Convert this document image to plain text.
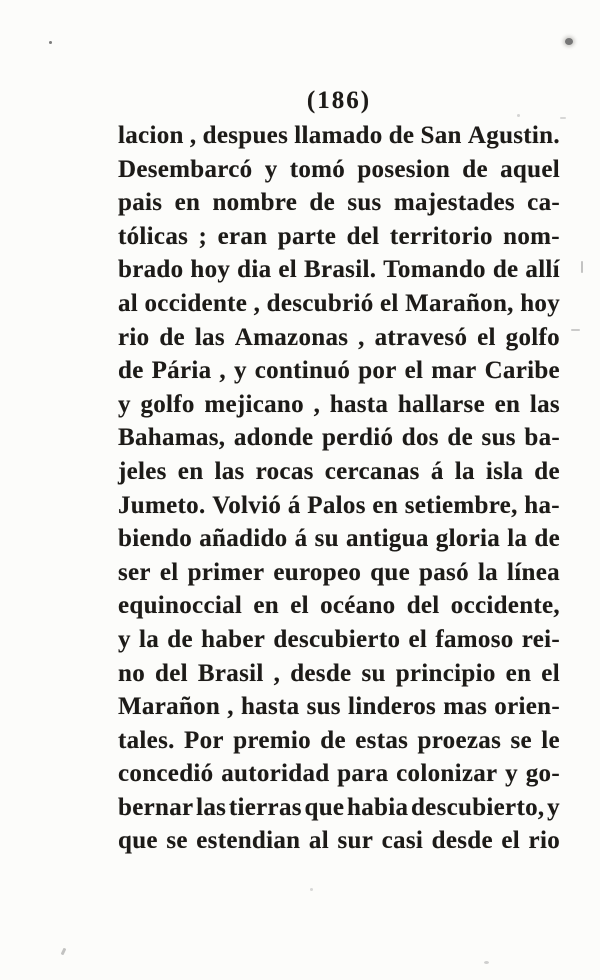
(186)
lacion , despues llamado de San Agustin.
Desembarcó y tomó posesion de aquel
pais en nombre de sus majestades ca-
tólicas ; eran parte del territorio nom-
brado hoy dia el Brasil. Tomando de allí
al occidente , descubrió el Marañon, hoy
rio de las Amazonas , atravesó el golfo
de Pária , y continuó por el mar Caribe
y golfo mejicano , hasta hallarse en las
Bahamas, adonde perdió dos de sus ba-
jeles en las rocas cercanas á la isla de
Jumeto. Volvió á Palos en setiembre, ha-
biendo añadido á su antigua gloria la de
ser el primer europeo que pasó la línea
equinoccial en el océano del occidente,
y la de haber descubierto el famoso rei-
no del Brasil , desde su principio en el
Marañon , hasta sus linderos mas orien-
tales. Por premio de estas proezas se le
concedió autoridad para colonizar y go-
bernar las tierras que habia descubierto, y
que se estendian al sur casi desde el rio
